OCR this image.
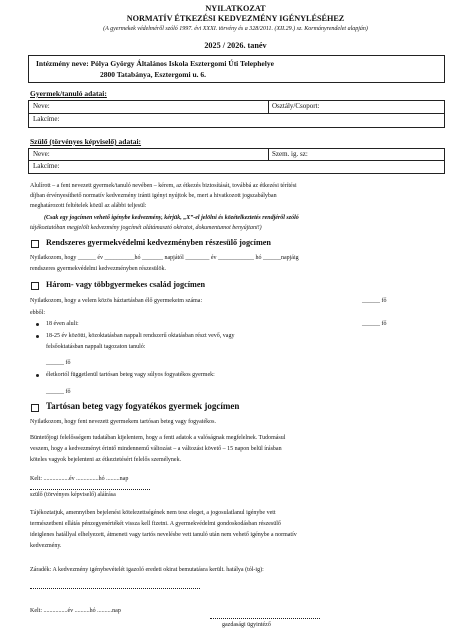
NYILATKOZAT
NORMATÍV ÉTKEZÉSI KEDVEZMÉNY IGÉNYLÉSÉHEZ
(A gyermekek védelméről szóló 1997. évi XXXI. törvény és a 328/2011. (XII.29.) sz. Kormányrendelet alapján)
2025 / 2026. tanév
Intézmény neve: Pólya György Általános Iskola Esztergomi Úti Telephelye
2800 Tatabánya, Esztergomi u. 6.
Gyermek/tanuló adatai:
Neve:	Osztály/Csoport:
Lakcíme:
Szülő (törvényes képviselő) adatai:
Neve:	Szem. ig. sz:
Lakcíme:
Alulírott – a fent nevezett gyermek/tanuló nevében – kérem, az étkezés biztosítását, továbbá az étkezési térítési
díjban érvényesíthető normatív kedvezmény iránti igényt nyújtok be, mert a hivatkozott jogszabályban
meghatározott feltételek közül az alábbi teljesül:
(Csak egy jogcímen vehető igénybe kedvezmény, kérjük, „X”-el jelölni és közételkeztetés rendjéről szóló
tájékoztatóban megjelölt kedvezmény jogcímét alátámasztó okiratot, dokumentumot benyújtani!)
Rendszeres gyermekvédelmi kedvezményben részesülő jogcímen
Nyilatkozom, hogy ______ év __________hó _______ napjától ________ év ____________ hó ______napjáig
rendszeres gyermekvédelmi kedvezményben részesülök.
Három- vagy többgyermekes család jogcímen
Nyilatkozom, hogy a velem közös háztartásban élő gyermekeim száma:	______ fő
ebből:
18 éven aluli:	______ fő
18-25 év közötti, közoktatásban nappali rendszerű oktatásban részt vevő, vagy
felsőoktatásban nappali tagozaton tanuló:
______ fő
életkortól függetlenül tartósan beteg vagy súlyos fogyatékos gyermek:
______ fő
Tartósan beteg vagy fogyatékos gyermek jogcímen
Nyilatkozom, hogy fent nevezett gyermekem tartósan beteg vagy fogyatékos.
Büntetőjogi felelősségem tudatában kijelentem, hogy a fenti adatok a valóságnak megfelelnek. Tudomásul
veszem, hogy a kedvezményt érintő mindennemű változást – a változást követő – 15 napon belül írásban
köteles vagyok bejelenteni az étkeztetésért felelős személynek.
Kelt: .................év ...............hó .........nap
szülő (törvényes képviselő) aláírása
Tájékoztatjuk, amennyiben bejelenési kötelezettségének nem tesz eleget, a jogosulatlanul igénybe vett
természetbeni ellátás pénzegyenértékét vissza kell fizetni. A gyermekvédelmi gondoskodásban részesülő
ideiglenes hatállyal elhelyezett, átmeneti vagy tartós nevelésbe vett tanuló után nem vehető igénybe a normatív
kedvezmény.
Záradék: A kedvezmény igénybevételét igazoló eredeti okirat bemutatásra került. hatálya (tól-ig):
Kelt: ................év ..........hó ..........nap
gazdasági ügyintéző
